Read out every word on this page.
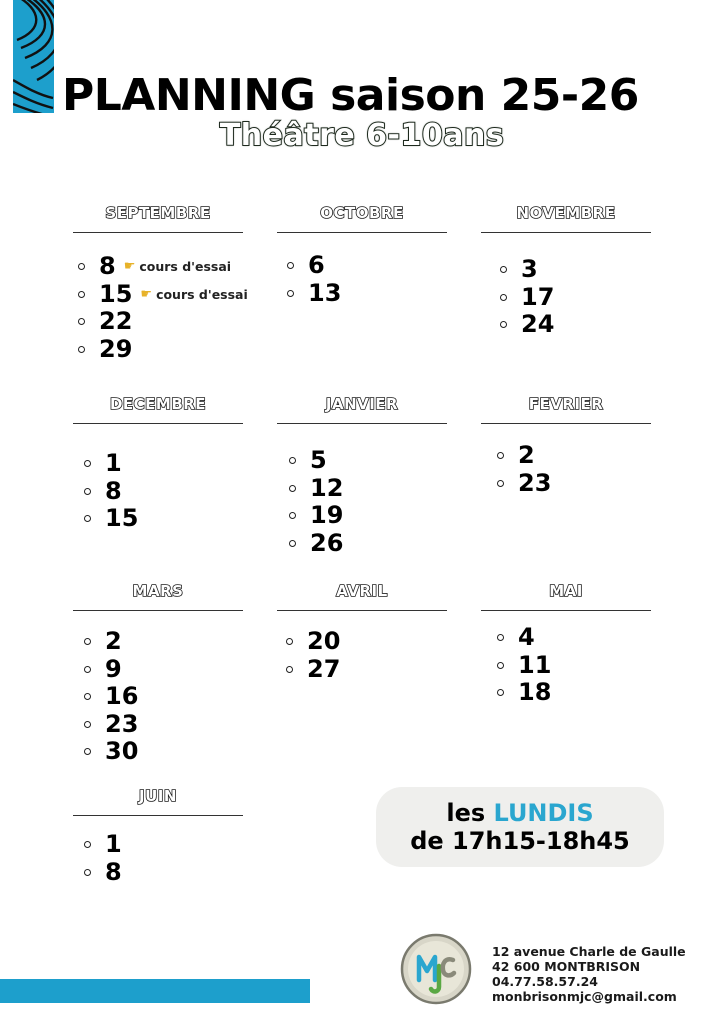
PLANNING saison 25-26
Théâtre 6-10ans
SEPTEMBRE
8 ☛ cours d'essai
15 ☛ cours d'essai
22
29
OCTOBRE
6
13
NOVEMBRE
3
17
24
DECEMBRE
1
8
15
JANVIER
5
12
19
26
FEVRIER
2
23
MARS
2
9
16
23
30
AVRIL
20
27
MAI
4
11
18
JUIN
1
8
les LUNDIS
de 17h15-18h45
12 avenue Charle de Gaulle
42 600 MONTBRISON
04.77.58.57.24
monbrisonmjc@gmail.com
